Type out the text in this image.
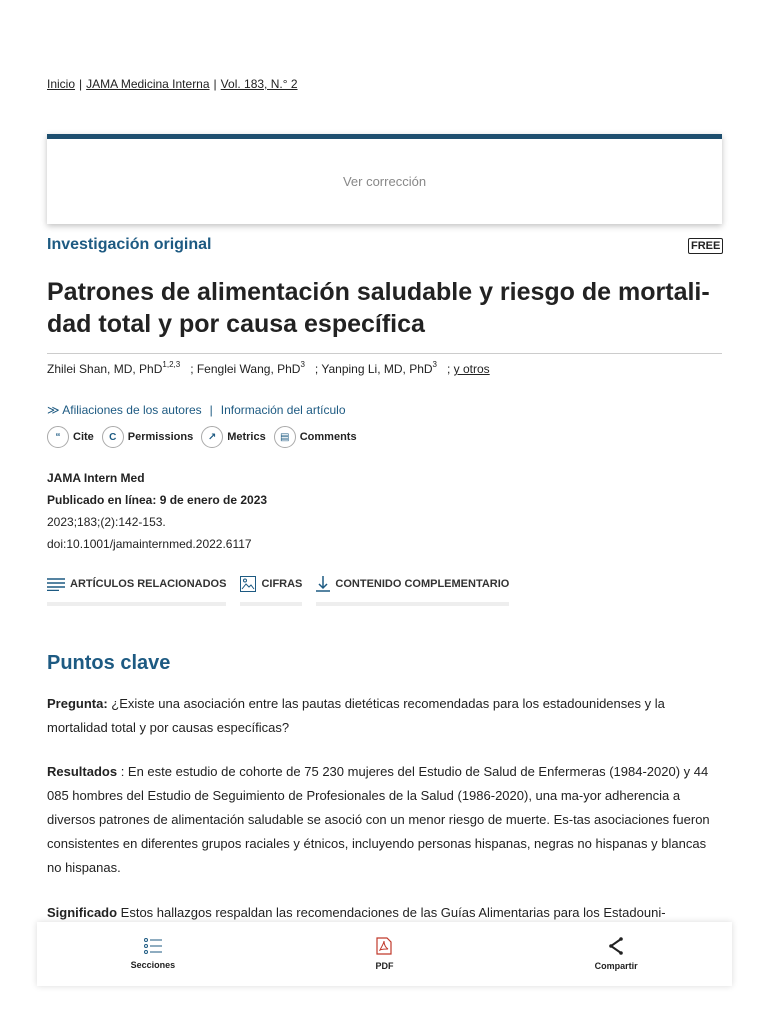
Inicio | JAMA Medicina Interna | Vol. 183, N.° 2
Ver corrección
Investigación original	FREE
Patrones de alimentación saludable y riesgo de mortali-dad total y por causa específica
Zhilei Shan, MD, PhD$^{1,2,3}$ ; Fenglei Wang, PhD$^3$ ; Yanping Li, MD, PhD$^3$ ; y otros
≫ Afiliaciones de los autores | Información del artículo
“	Cite	C	Permissions	↗ Metrics	▤ Comments
JAMA Intern Med
Publicado en línea: 9 de enero de 2023
2023;183;(2):142-153.
doi:10.1001/jamainternmed.2022.6117
ARTÍCULOS RELACIONADOS	CIFRAS	CONTENIDO COMPLEMENTARIO
Puntos clave

Pregunta: ¿Existe una asociación entre las pautas dietéticas recomendadas para los estadounidenses y la mortalidad total y por causas específicas?

Resultados : En este estudio de cohorte de 75 230 mujeres del Estudio de Salud de Enfermeras (1984-2020) y 44 085 hombres del Estudio de Seguimiento de Profesionales de la Salud (1986-2020), una ma-yor adherencia a diversos patrones de alimentación saludable se asoció con un menor riesgo de muerte. Es-tas asociaciones fueron consistentes en diferentes grupos raciales y étnicos, incluyendo personas hispanas, negras no hispanas y blancas no hispanas.

Significado Estos hallazgos respaldan las recomendaciones de las Guías Alimentarias para los Estadouni-

Secciones	PDF	Compartir
